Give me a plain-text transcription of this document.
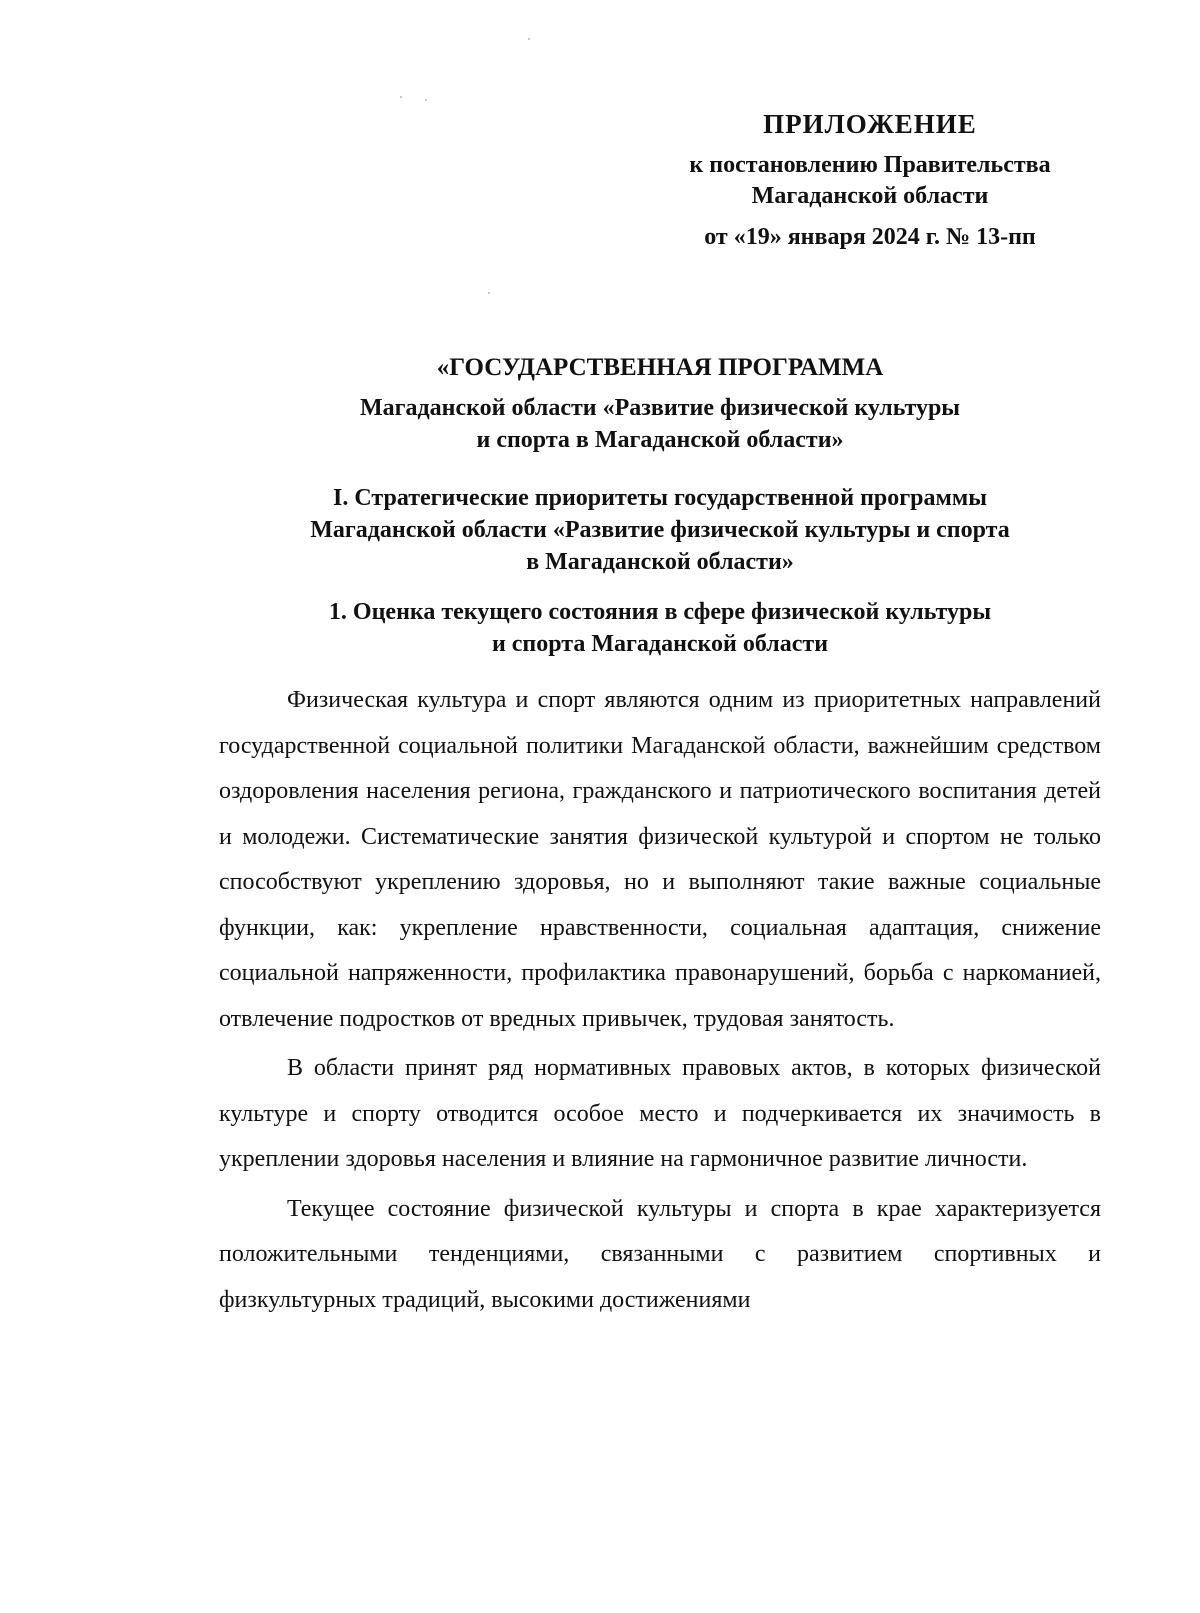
ПРИЛОЖЕНИЕ
к постановлению Правительства
Магаданской области
от «19» января 2024 г. № 13-пп
«ГОСУДАРСТВЕННАЯ ПРОГРАММА
Магаданской области «Развитие физической культуры
и спорта в Магаданской области»
I. Стратегические приоритеты государственной программы
Магаданской области «Развитие физической культуры и спорта
в Магаданской области»
1. Оценка текущего состояния в сфере физической культуры
и спорта Магаданской области

Физическая культура и спорт являются одним из приоритетных направлений государственной социальной политики Магаданской области, важнейшим средством оздоровления населения региона, гражданского и патриотического воспитания детей и молодежи. Систематические занятия физической культурой и спортом не только способствуют укреплению здоровья, но и выполняют такие важные социальные функции, как: укрепление нравственности, социальная адаптация, снижение социальной напряженности, профилактика правонарушений, борьба с наркоманией, отвлечение подростков от вредных привычек, трудовая занятость.

В области принят ряд нормативных правовых актов, в которых физической культуре и спорту отводится особое место и подчеркивается их значимость в укреплении здоровья населения и влияние на гармоничное развитие личности.

Текущее состояние физической культуры и спорта в крае характеризуется положительными тенденциями, связанными с развитием спортивных и физкультурных традиций, высокими достижениями
